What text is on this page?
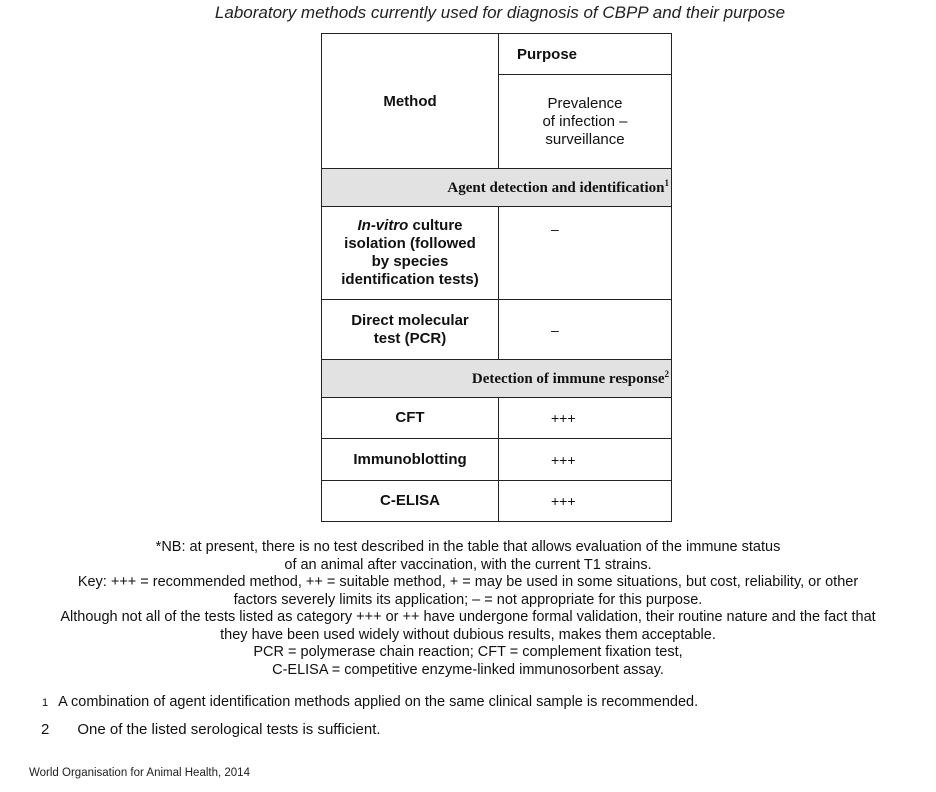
Laboratory methods currently used for diagnosis of CBPP and their purpose
Method	Purpose

	Prevalence
of infection –
surveillance

Agent detection and identification$^1$

In-vitro culture
isolation (followed
by species
identification tests)	–

Direct molecular
test (PCR)	–
Detection of immune response$^2$
CFT	+++
Immunoblotting	+++
C-ELISA	+++
*NB: at present, there is no test described in the table that allows evaluation of the immune status
of an animal after vaccination, with the current T1 strains.
Key: +++ = recommended method, ++ = suitable method, + = may be used in some situations, but cost, reliability, or other
factors severely limits its application; – = not appropriate for this purpose.
Although not all of the tests listed as category +++ or ++ have undergone formal validation, their routine nature and the fact that
they have been used widely without dubious results, makes them acceptable.
PCR = polymerase chain reaction; CFT = complement fixation test,
C-ELISA = competitive enzyme-linked immunosorbent assay.
1 A combination of agent identification methods applied on the same clinical sample is recommended.
2 One of the listed serological tests is sufficient.
World Organisation for Animal Health, 2014
